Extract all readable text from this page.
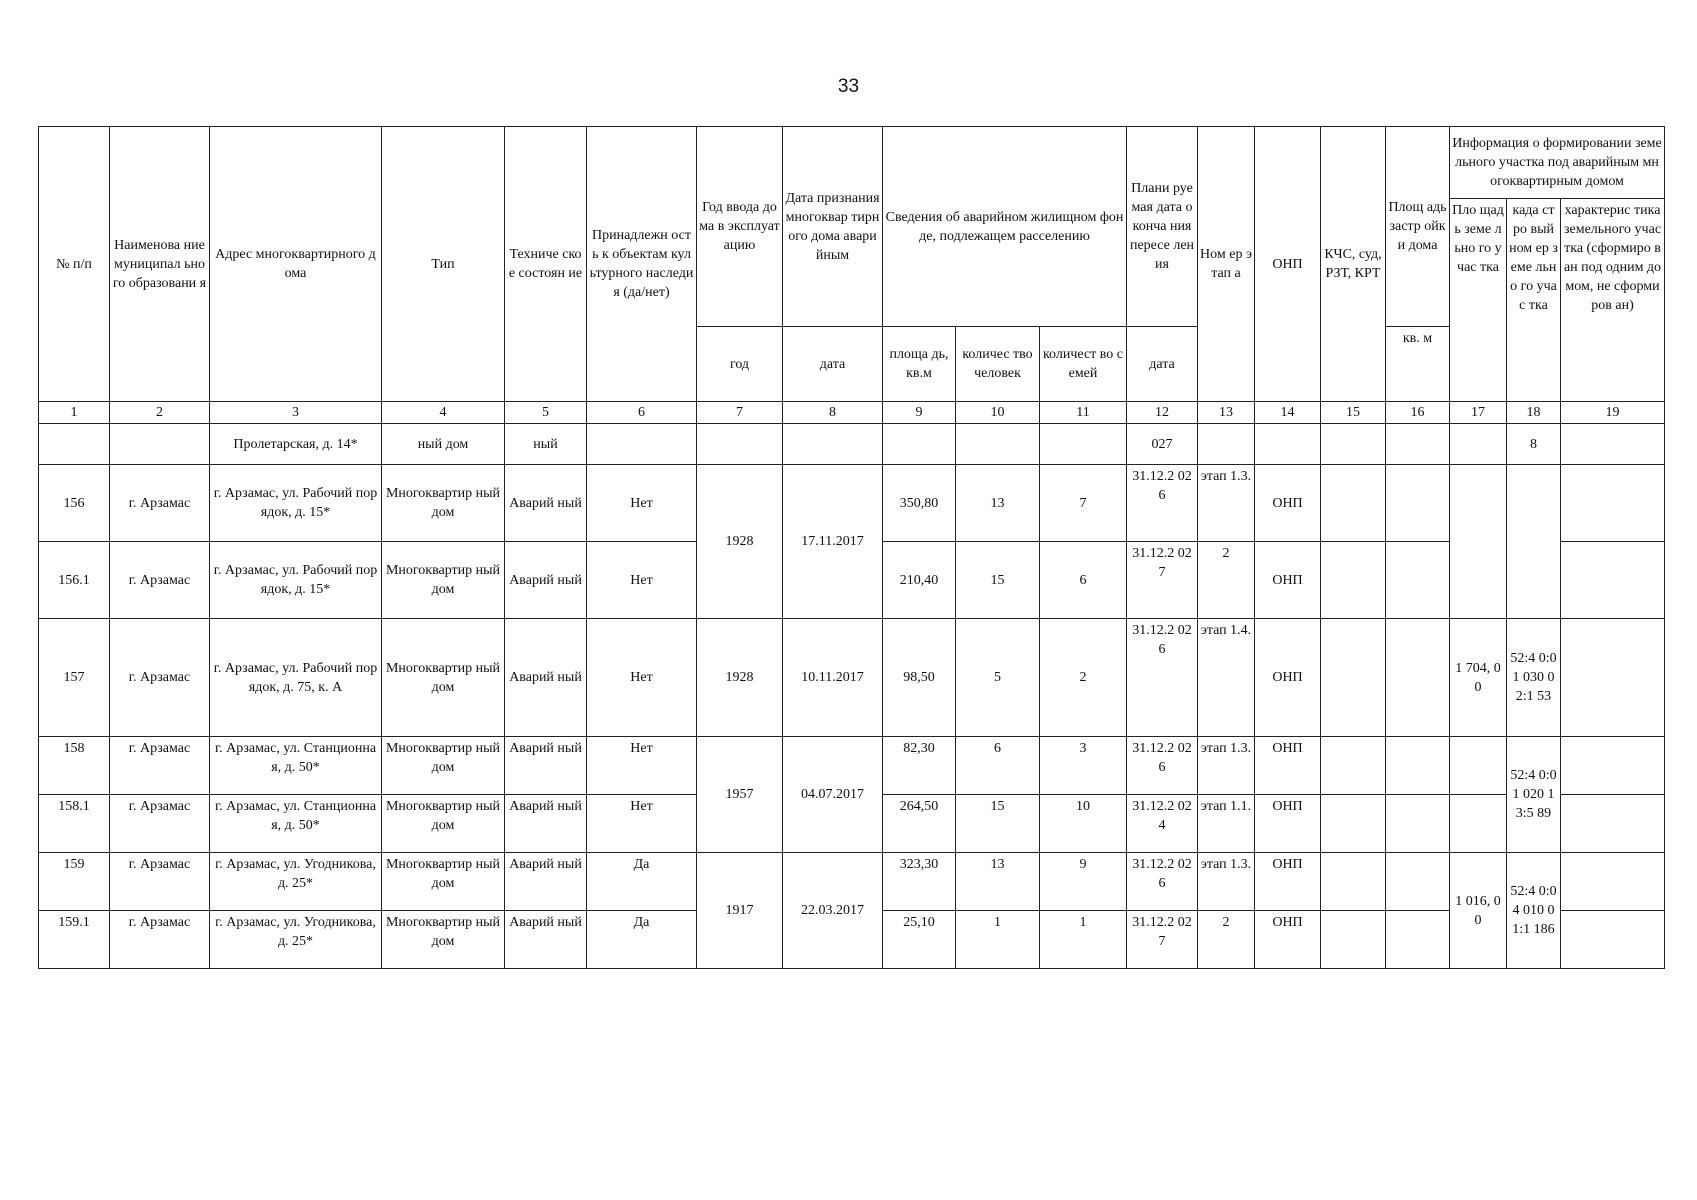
33
№ п/п	Наименова ние муниципал ьного образовани я	Адрес многоквартирного дома	Тип	Техниче ское состоян ие	Принадлежн ость к объектам культурного наследия (да/нет)	Год ввода дома в эксплуат ацию	Дата признания многоквар тирного дома аварийным	Сведения об аварийном жилищном фонде, подлежащем расселению			Плани руемая дата оконча ния пересе ления	Ном ер этап а	ОНП	КЧС, суд, РЗТ, КРТ	Площ адь застр ойки дома	Информация о формировании земельного участка под аварийным многоквартирным домом		
																Пло щадь земе льно го учас тка	када стро вый ном ер земе льно го учас тка	характерис тика земельного участка (сформиро ван под одним домом, не сформиров ан)
						год	дата	площа дь, кв.м	количес тво человек	количест во семей	дата				кв. м			
1	2	3	4	5	6	7	8	9	10	11	12	13	14	15	16	17	18	19
		Пролетарская, д. 14*	ный дом	ный							027						8	
156	г. Арзамас	г. Арзамас, ул. Рабочий порядок, д. 15*	Многоквартир ный дом	Аварий ный	Нет	1928	17.11.2017	350,80	13	7	31.12.2 026	этап 1.3.	ОНП					
156.1	г. Арзамас	г. Арзамас, ул. Рабочий порядок, д. 15*	Многоквартир ный дом	Аварий ный	Нет			210,40	15	6	31.12.2 027	2	ОНП					
157	г. Арзамас	г. Арзамас, ул. Рабочий порядок, д. 75, к. А	Многоквартир ный дом	Аварий ный	Нет	1928	10.11.2017	98,50	5	2	31.12.2 026	этап 1.4.	ОНП			1 704, 00	52:4 0:01 030 02:1 53	
158	г. Арзамас	г. Арзамас, ул. Станционная, д. 50*	Многоквартир ный дом	Аварий ный	Нет	1957	04.07.2017	82,30	6	3	31.12.2 026	этап 1.3.	ОНП				52:4 0:01 020 13:5 89	
158.1	г. Арзамас	г. Арзамас, ул. Станционная, д. 50*	Многоквартир ный дом	Аварий ный	Нет			264,50	15	10	31.12.2 024	этап 1.1.	ОНП					
159	г. Арзамас	г. Арзамас, ул. Угодникова, д. 25*	Многоквартир ный дом	Аварий ный	Да	1917	22.03.2017	323,30	13	9	31.12.2 026	этап 1.3.	ОНП			1 016, 00	52:4 0:04 010 01:1 186	
159.1	г. Арзамас	г. Арзамас, ул. Угодникова, д. 25*	Многоквартир ный дом	Аварий ный	Да			25,10	1	1	31.12.2 027	2	ОНП					
